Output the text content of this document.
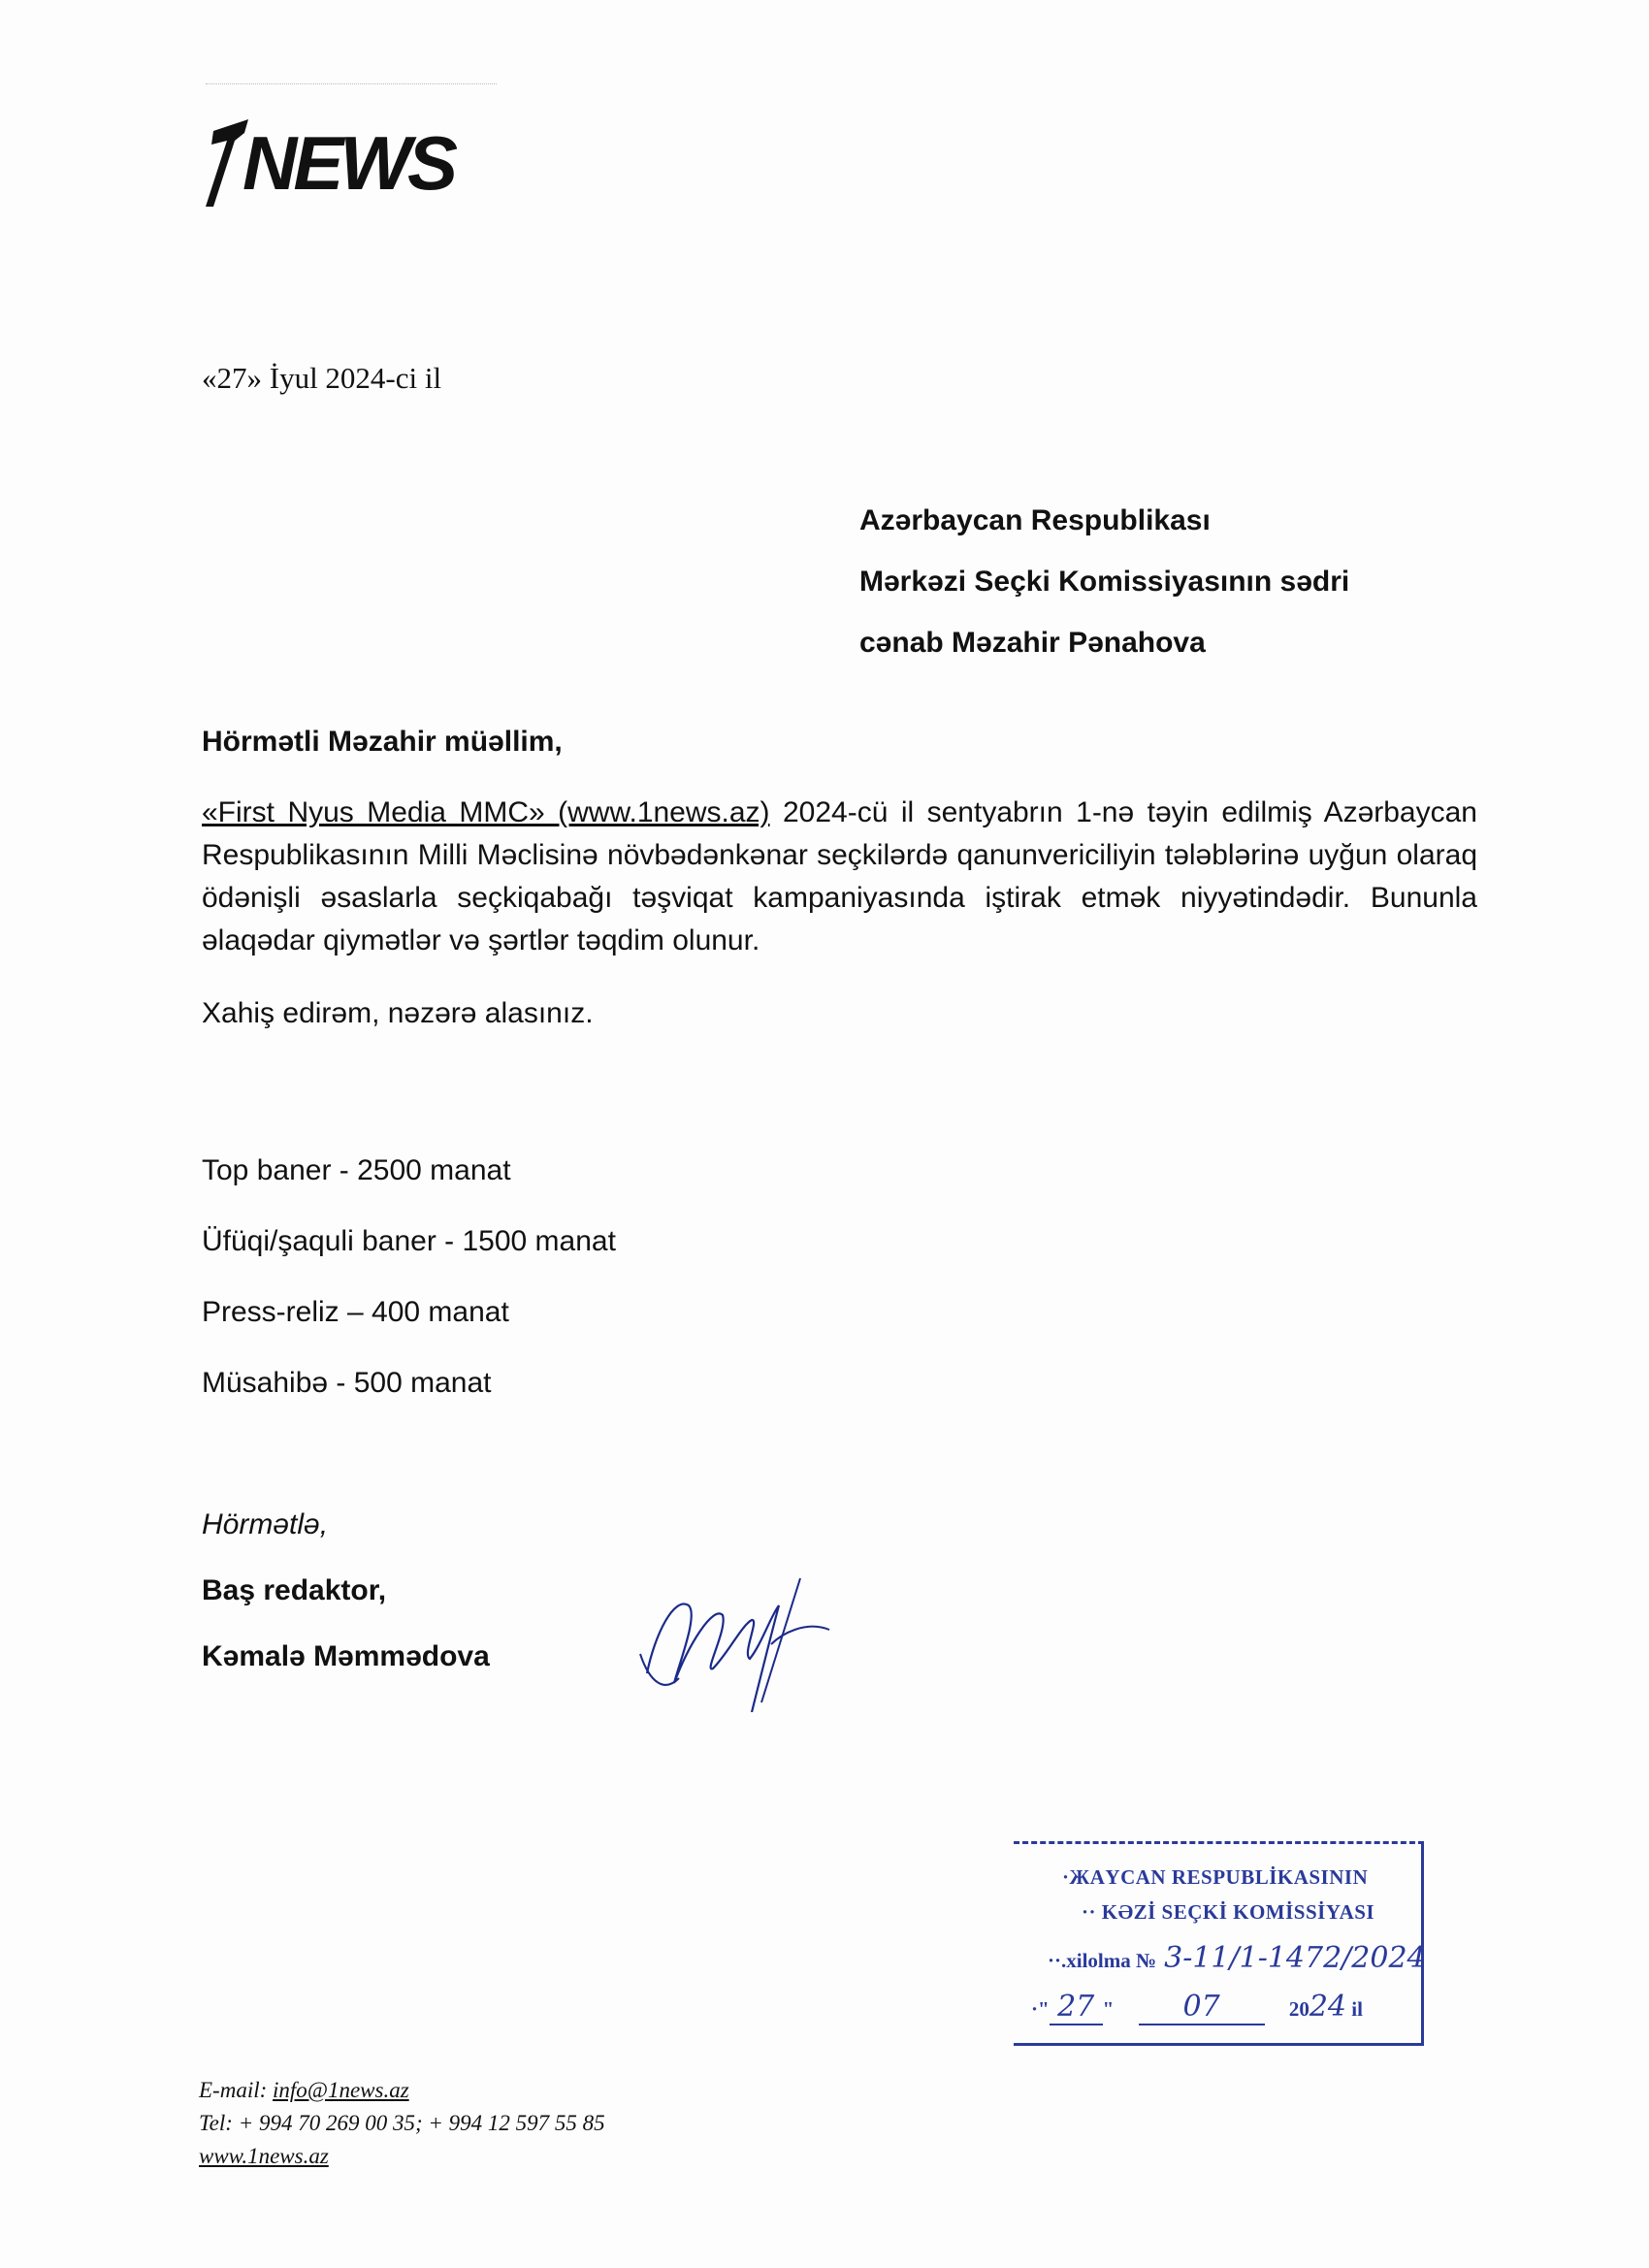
NEWS
«27» İyul 2024-ci il
Azərbaycan Respublikası
Mərkəzi Seçki Komissiyasının sədri
cənab Məzahir Pənahova
Hörmətli Məzahir müəllim,
«First Nyus Media MMC» (www.1news.az) 2024-cü il sentyabrın 1-nə təyin edilmiş Azərbaycan Respublikasının Milli Məclisinə növbədənkənar seçkilərdə qanunvericiliyin tələblərinə uyğun olaraq ödənişli əsaslarla seçkiqabağı təşviqat kampaniyasında iştirak etmək niyyətindədir. Bununla əlaqədar qiymətlər və şərtlər təqdim olunur.
Xahiş edirəm, nəzərə alasınız.
Top baner - 2500 manat
Üfüqi/şaquli baner - 1500 manat
Press-reliz – 400 manat
Müsahibə - 500 manat
Hörmətlə,
Baş redaktor,
Kəmalə Məmmədova
·ЖАYCAN RESPUBLİKASININ
·· KƏZİ SEÇKİ KOMİSSİYASI
··.xilolma № 3-11/1-1472/2024
·" 27 " 07	2024 il
E-mail: info@1news.az
Tel: + 994 70 269 00 35; + 994 12 597 55 85
www.1news.az
